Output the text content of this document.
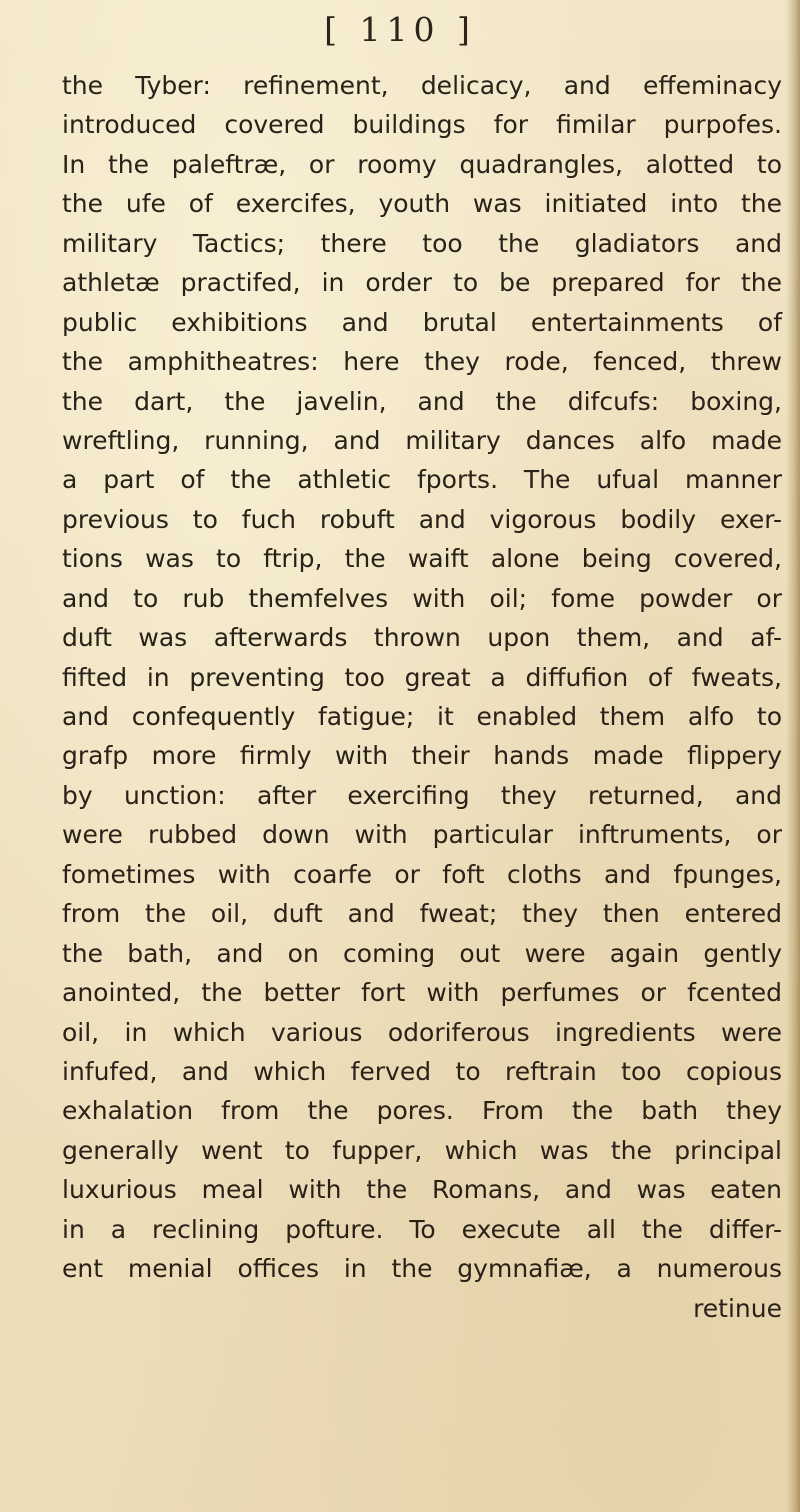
[ 110 ]
the Tyber: refinement, delicacy, and effeminacy
introduced covered buildings for fimilar purpofes.
In the paleftræ, or roomy quadrangles, alotted to
the ufe of exercifes, youth was initiated into the
military Tactics; there too the gladiators and
athletæ practifed, in order to be prepared for the
public exhibitions and brutal entertainments of
the amphitheatres: here they rode, fenced, threw
the dart, the javelin, and the difcufs: boxing,
wreftling, running, and military dances alfo made
a part of the athletic fports. The ufual manner
previous to fuch robuft and vigorous bodily exer-
tions was to ftrip, the waift alone being covered,
and to rub themfelves with oil; fome powder or
duft was afterwards thrown upon them, and af-
fifted in preventing too great a diffufion of fweats,
and confequently fatigue; it enabled them alfo to
grafp more firmly with their hands made flippery
by unction: after exercifing they returned, and
were rubbed down with particular inftruments, or
fometimes with coarfe or foft cloths and fpunges,
from the oil, duft and fweat; they then entered
the bath, and on coming out were again gently
anointed, the better fort with perfumes or fcented
oil, in which various odoriferous ingredients were
infufed, and which ferved to reftrain too copious
exhalation from the pores. From the bath they
generally went to fupper, which was the principal
luxurious meal with the Romans, and was eaten
in a reclining pofture. To execute all the differ-
ent menial offices in the gymnafiæ, a numerous
retinue
